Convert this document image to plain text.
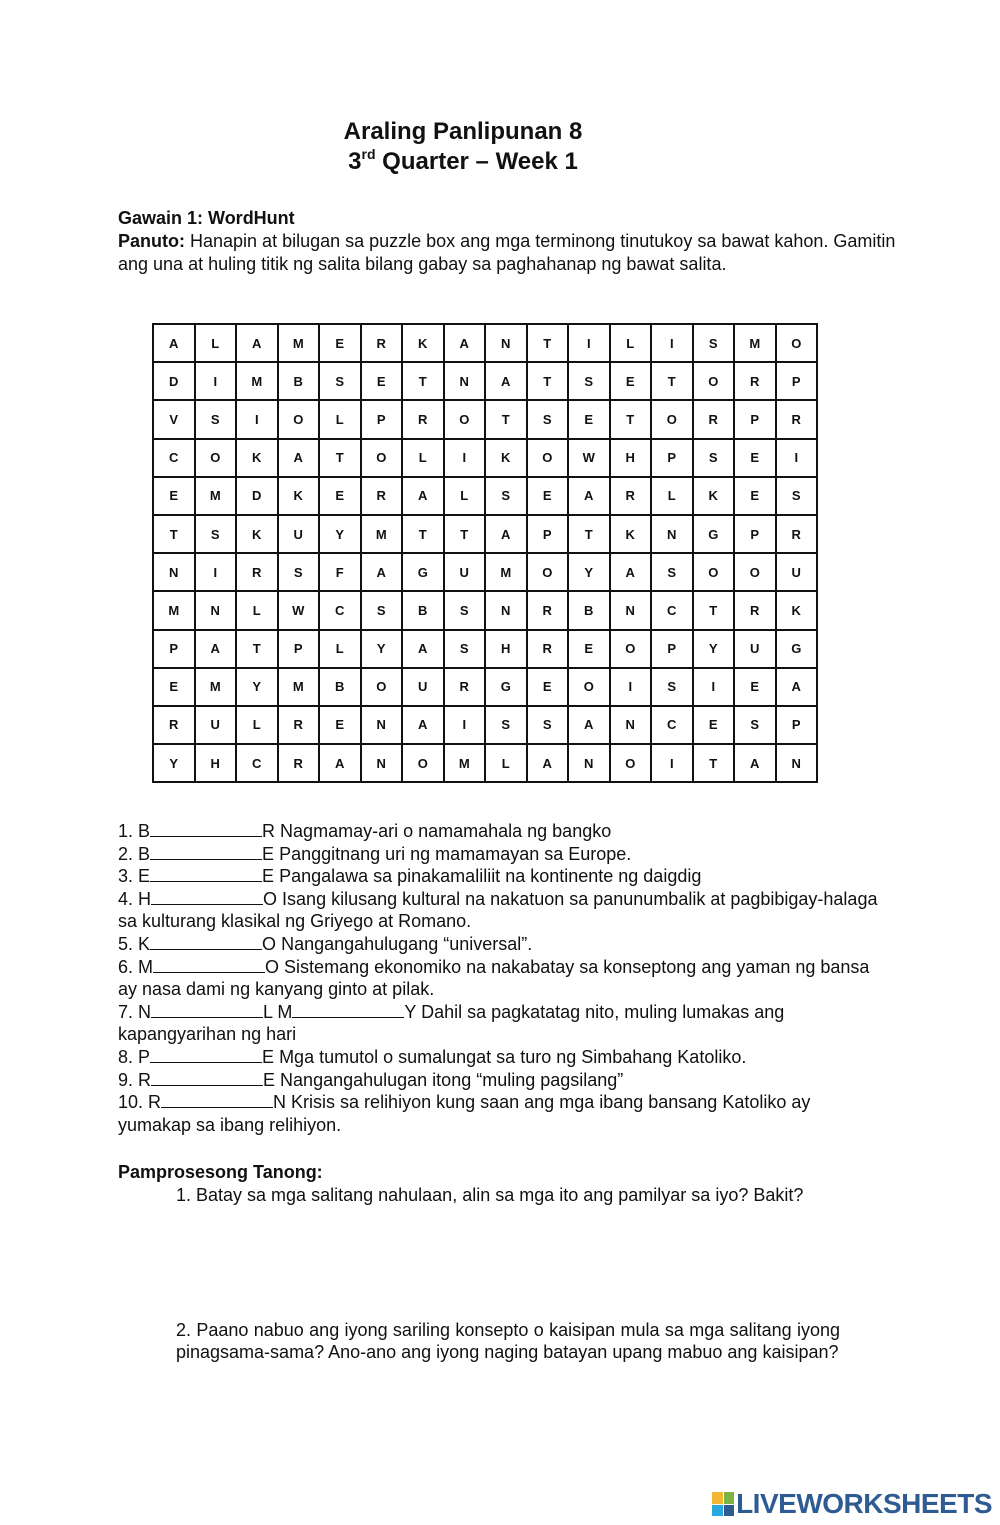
Araling Panlipunan 8
3rd Quarter – Week 1
Gawain 1: WordHunt
Panuto: Hanapin at bilugan sa puzzle box ang mga terminong tinutukoy sa bawat kahon. Gamitin ang una at huling titik ng salita bilang gabay sa paghahanap ng bawat salita.
A	L	A	M	E	R	K	A	N	T	I	L	I	S	M	O
D	I	M	B	S	E	T	N	A	T	S	E	T	O	R	P
V	S	I	O	L	P	R	O	T	S	E	T	O	R	P	R
C	O	K	A	T	O	L	I	K	O	W	H	P	S	E	I
E	M	D	K	E	R	A	L	S	E	A	R	L	K	E	S
T	S	K	U	Y	M	T	T	A	P	T	K	N	G	P	R
N	I	R	S	F	A	G	U	M	O	Y	A	S	O	O	U
M	N	L	W	C	S	B	S	N	R	B	N	C	T	R	K
P	A	T	P	L	Y	A	S	H	R	E	O	P	Y	U	G
E	M	Y	M	B	O	U	R	G	E	O	I	S	I	E	A
R	U	L	R	E	N	A	I	S	S	A	N	C	E	S	P
Y	H	C	R	A	N	O	M	L	A	N	O	I	T	A	N
1. B	R Nagmamay-ari o namamahala ng bangko
2. B	E Panggitnang uri ng mamamayan sa Europe.
3. E	E Pangalawa sa pinakamaliliit na kontinente ng daigdig
4. H	O Isang kilusang kultural na nakatuon sa panunumbalik at pagbibigay-halaga sa kulturang klasikal ng Griyego at Romano.
5. K	O Nangangahulugang “universal”.
6. M	O Sistemang ekonomiko na nakabatay sa konseptong ang yaman ng bansa ay nasa dami ng kanyang ginto at pilak.
7. N	L M	Y Dahil sa pagkatatag nito, muling lumakas ang kapangyarihan ng hari
8. P	E Mga tumutol o sumalungat sa turo ng Simbahang Katoliko.
9. R	E Nangangahulugan itong “muling pagsilang”
10. R	N Krisis sa relihiyon kung saan ang mga ibang bansang Katoliko ay yumakap sa ibang relihiyon.
Pamprosesong Tanong:
1. Batay sa mga salitang nahulaan, alin sa mga ito ang pamilyar sa iyo? Bakit?
2. Paano nabuo ang iyong sariling konsepto o kaisipan mula sa mga salitang iyong pinagsama-sama? Ano-ano ang iyong naging batayan upang mabuo ang kaisipan?
LIVEWORKSHEETS
